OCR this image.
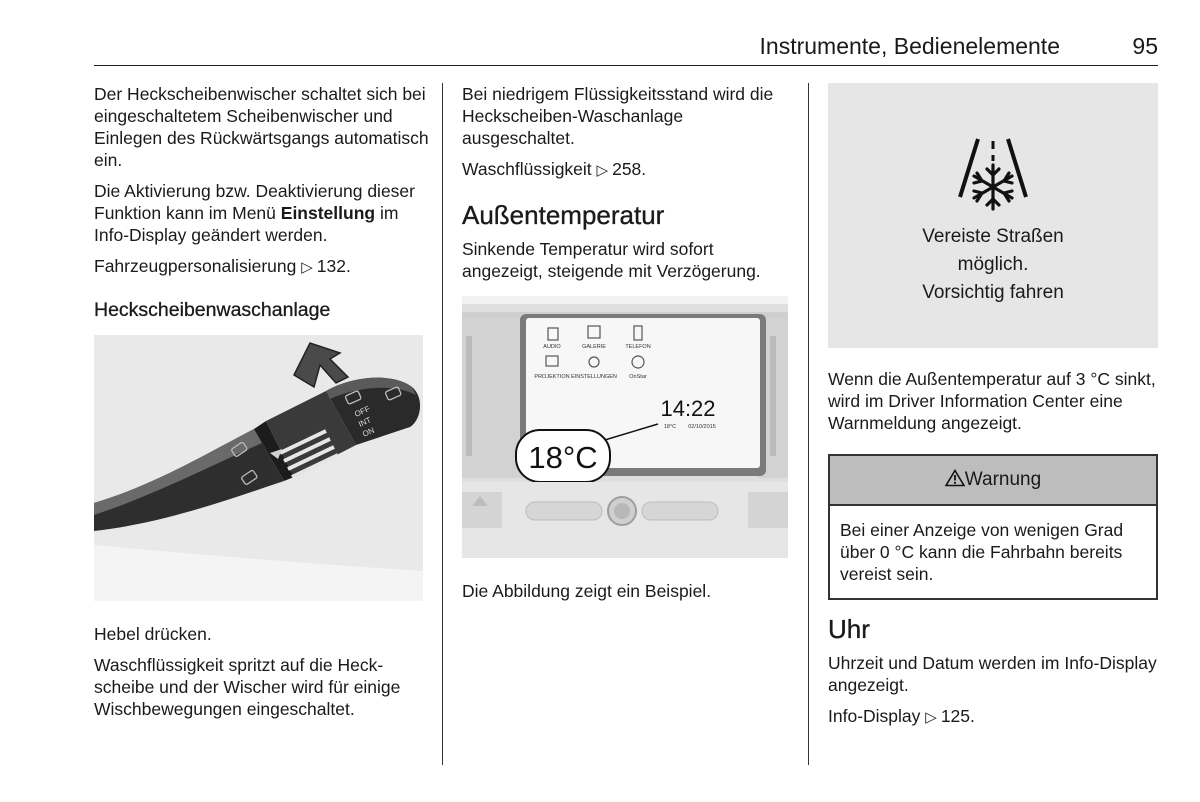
Instrumente, Bedienelemente	95

Der Heckscheibenwischer schaltet sich bei eingeschaltetem Scheibenwischer und Einlegen des Rückwärtsgangs automatisch ein.

Die Aktivierung bzw. Deaktivierung dieser Funktion kann im Menü Einstellung im Info-Display geändert werden.

Fahrzeugpersonalisierung ▷ 132.

Heckscheibenwaschanlage
OFF
INT
ON

Hebel drücken.

Waschflüssigkeit spritzt auf die Heckscheibe und der Wischer wird für einige Wischbewegungen eingeschaltet.

Bei niedrigem Flüssigkeitsstand wird die Heckscheiben-Waschanlage ausgeschaltet.

Waschflüssigkeit ▷ 258.

Außentemperatur

Sinkende Temperatur wird sofort angezeigt, steigende mit Verzögerung.

AUDIO	GALERIE	TELEFON
PROJEKTION EINSTELLUNGEN OnStar
14:22
18°C 02/10/2015
18°C

Die Abbildung zeigt ein Beispiel.

Vereiste Straßen
möglich.
Vorsichtig fahren

Wenn die Außentemperatur auf 3 °C sinkt, wird im Driver Information Center eine Warnmeldung angezeigt.

Warnung
Bei einer Anzeige von wenigen Grad über 0 °C kann die Fahrbahn bereits vereist sein.
Uhr

Uhrzeit und Datum werden im Info-Display angezeigt.

Info-Display ▷ 125.
